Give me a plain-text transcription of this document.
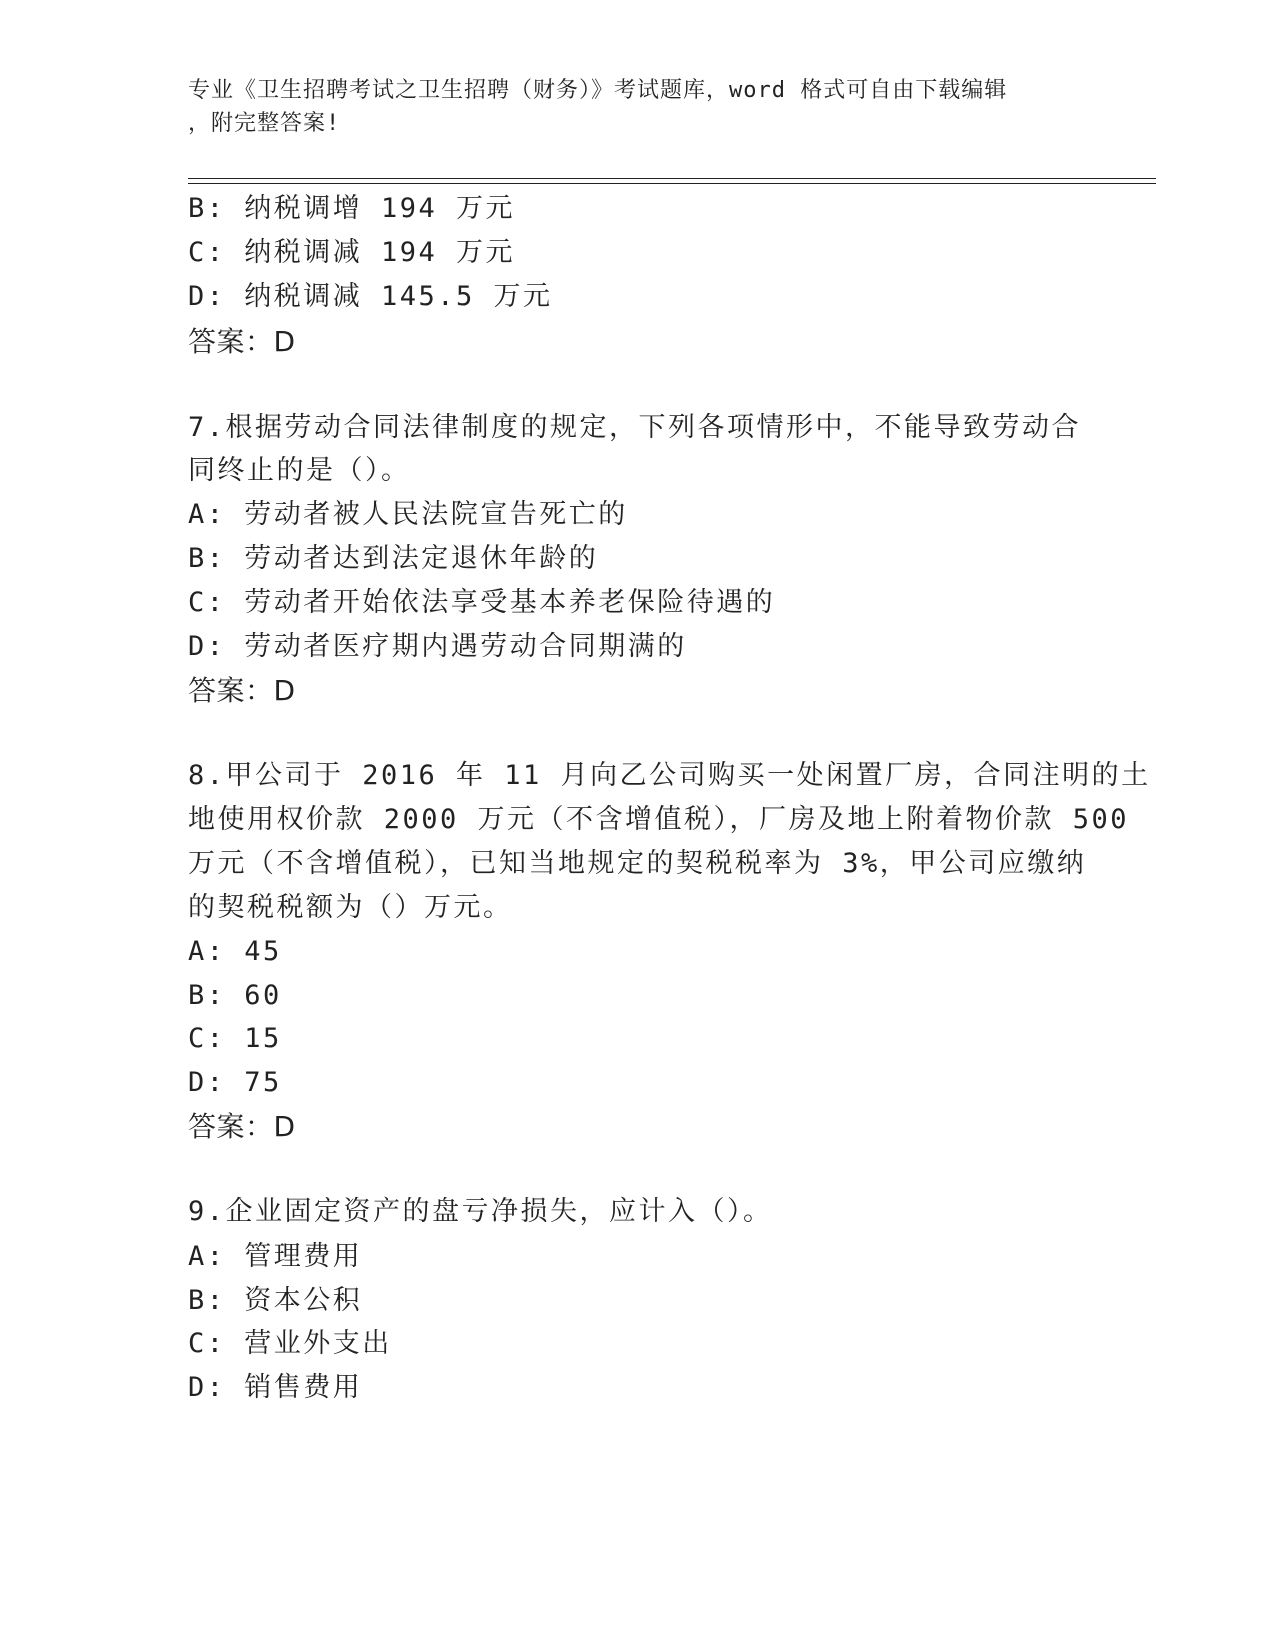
专业《卫生招聘考试之卫生招聘（财务）》考试题库，word 格式可自由下载编辑
，附完整答案!
B: 纳税调增 194 万元
C: 纳税调减 194 万元
D: 纳税调减 145.5 万元
答案：D
7.根据劳动合同法律制度的规定，下列各项情形中，不能导致劳动合
同终止的是（）。
A: 劳动者被人民法院宣告死亡的
B: 劳动者达到法定退休年龄的
C: 劳动者开始依法享受基本养老保险待遇的
D: 劳动者医疗期内遇劳动合同期满的
答案：D
8.甲公司于 2016 年 11 月向乙公司购买一处闲置厂房，合同注明的土
地使用权价款 2000 万元（不含增值税），厂房及地上附着物价款 500
万元（不含增值税），已知当地规定的契税税率为 3%，甲公司应缴纳
的契税税额为（）万元。
A: 45
B: 60
C: 15
D: 75
答案：D
9.企业固定资产的盘亏净损失，应计入（）。
A: 管理费用
B: 资本公积
C: 营业外支出
D: 销售费用
